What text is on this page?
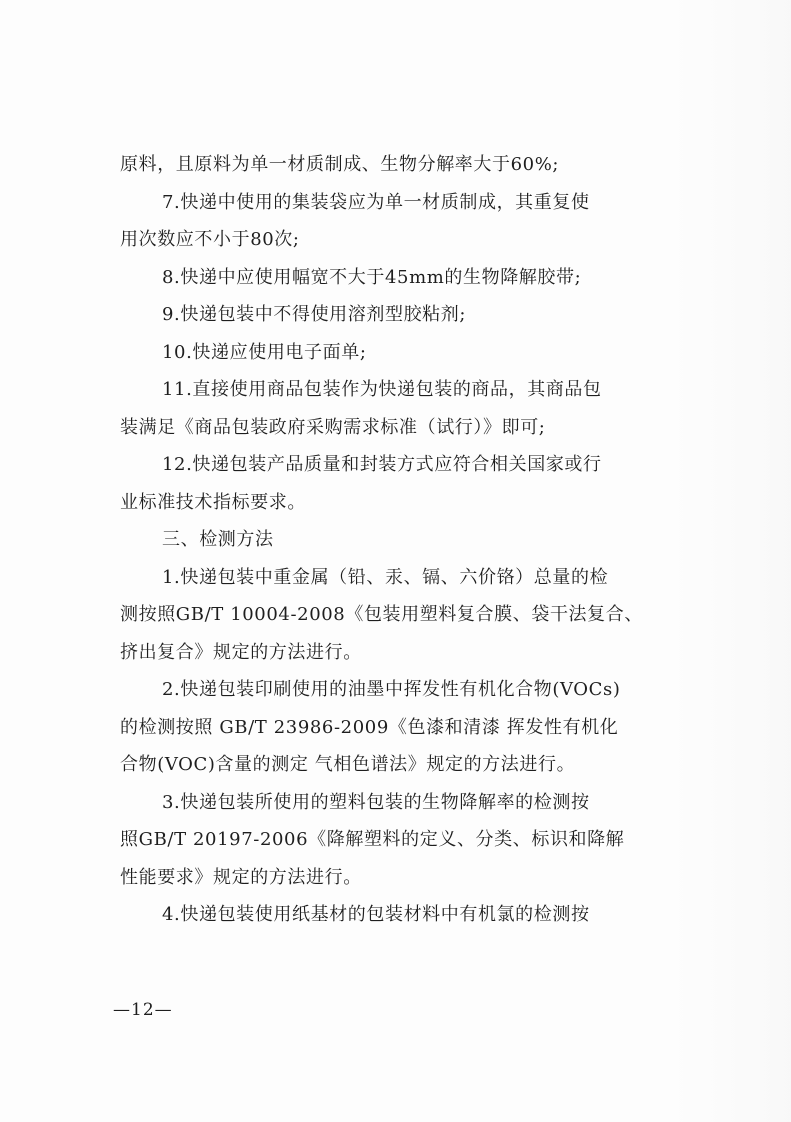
原料，且原料为单一材质制成、生物分解率大于60%;
7.快递中使用的集装袋应为单一材质制成，其重复使
用次数应不小于80次;
8.快递中应使用幅宽不大于45mm的生物降解胶带;
9.快递包装中不得使用溶剂型胶粘剂;
10.快递应使用电子面单;
11.直接使用商品包装作为快递包装的商品，其商品包
装满足《商品包装政府采购需求标准（试行）》即可;
12.快递包装产品质量和封装方式应符合相关国家或行
业标准技术指标要求。
三、检测方法
1.快递包装中重金属（铅、汞、镉、六价铬）总量的检
测按照GB/T 10004-2008《包装用塑料复合膜、袋干法复合、
挤出复合》规定的方法进行。
2.快递包装印刷使用的油墨中挥发性有机化合物(VOCs)
的检测按照 GB/T 23986-2009《色漆和清漆 挥发性有机化
合物(VOC)含量的测定 气相色谱法》规定的方法进行。
3.快递包装所使用的塑料包装的生物降解率的检测按
照GB/T 20197-2006《降解塑料的定义、分类、标识和降解
性能要求》规定的方法进行。
4.快递包装使用纸基材的包装材料中有机氯的检测按
—12—
